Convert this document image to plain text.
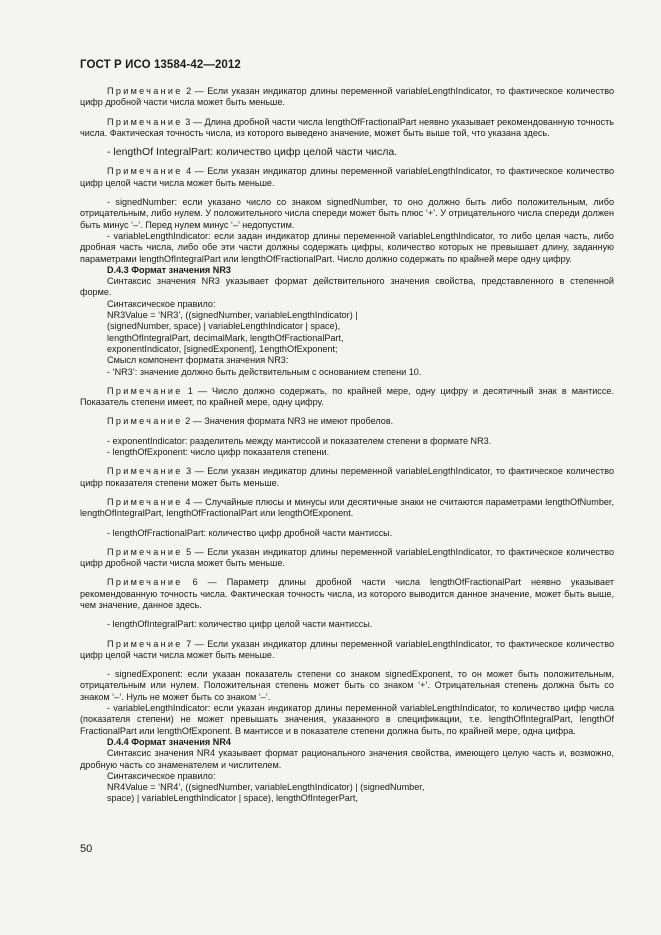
ГОСТ Р ИСО 13584-42—2012

Примечание 2 — Если указан индикатор длины переменной variableLengthIndicator, то фактическое количество цифр дробной части числа может быть меньше.

Примечание 3 — Длина дробной части числа lengthOfFractionalPart неявно указывает рекомендованную точность числа. Фактическая точность числа, из которого выведено значение, может быть выше той, что указана здесь.

- lengthOf IntegralPart: количество цифр целой части числа.

Примечание 4 — Если указан индикатор длины переменной variableLengthIndicator, то фактическое количество цифр целой части числа может быть меньше.

- signedNumber: если указано число со знаком signedNumber, то оно должно быть либо положительным, либо отрицательным, либо нулем. У положительного числа спереди может быть плюс ‘+’. У отрицательного числа спереди должен быть минус ‘–’. Перед нулем минус ‘–’ недопустим.

- variableLengthIndicator: если задан индикатор длины переменной variableLengthIndicator, то либо целая часть, либо дробная часть числа, либо обе эти части должны содержать цифры, количество которых не превышает длину, заданную параметрами lengthOfIntegralPart или lengthOfFractionalPart. Число должно содержать по крайней мере одну цифру.

D.4.3 Формат значения NR3

Синтаксис значения NR3 указывает формат действительного значения свойства, представленного в степенной форме.

Синтаксическое правило:

NR3Value = ‘NR3’, ((signedNumber, variableLengthIndicator) |

(signedNumber, space) | variableLengthIndicator | space),

lengthOfIntegralPart, decimalMark, lengthOfFractionalPart,

exponentIndicator, [signedExponent], 1engthOfExponent;

Смысл компонент формата значения NR3:

- ‘NR3’: значение должно быть действительным с основанием степени 10.

Примечание 1 — Число должно содержать, по крайней мере, одну цифру и десятичный знак в мантиссе. Показатель степени имеет, по крайней мере, одну цифру.

Примечание 2 — Значения формата NR3 не имеют пробелов.

- exponentIndicator: разделитель между мантиссой и показателем степени в формате NR3.

- lengthOfExponent: число цифр показателя степени.

Примечание 3 — Если указан индикатор длины переменной variableLengthIndicator, то фактическое количество цифр показателя степени может быть меньше.

Примечание 4 — Случайные плюсы и минусы или десятичные знаки не считаются параметрами lengthOfNumber, lengthOfIntegralPart, lengthOfFractionalPart или lengthOfExponent.

- lengthOfFractionalPart: количество цифр дробной части мантиссы.

Примечание 5 — Если указан индикатор длины переменной variableLengthIndicator, то фактическое количество цифр дробной части числа может быть меньше.

Примечание 6 — Параметр длины дробной части числа lengthOfFractionalPart неявно указывает рекомендованную точность числа. Фактическая точность числа, из которого выводится данное значение, может быть выше, чем значение, данное здесь.

- lengthOfIntegralPart: количество цифр целой части мантиссы.

Примечание 7 — Если указан индикатор длины переменной variableLengthIndicator, то фактическое количество цифр целой части числа может быть меньше.

- signedExponent: если указан показатель степени со знаком signedExponent, то он может быть положительным, отрицательным или нулем. Положительная степень может быть со знаком ‘+’. Отрицательная степень должна быть со знаком ‘–’. Нуль не может быть со знаком ‘–’.

- variableLengthIndicator: если указан индикатор длины переменной variableLengthIndicator, то количество цифр числа (показателя степени) не может превышать значения, указанного в спецификации, т.е. lengthOfIntegralPart, lengthOf FractionalPart или lengthOfExponent. В мантиссе и в показателе степени должна быть, по крайней мере, одна цифра.

D.4.4 Формат значения NR4

Синтаксис значения NR4 указывает формат рационального значения свойства, имеющего целую часть и, возможно, дробную часть со знаменателем и числителем.

Синтаксическое правило:

NR4Value = ‘NR4’, ((signedNumber, variableLengthIndicator) | (signedNumber,

space) | variableLengthIndicator | space), lengthOfIntegerPart,

50
